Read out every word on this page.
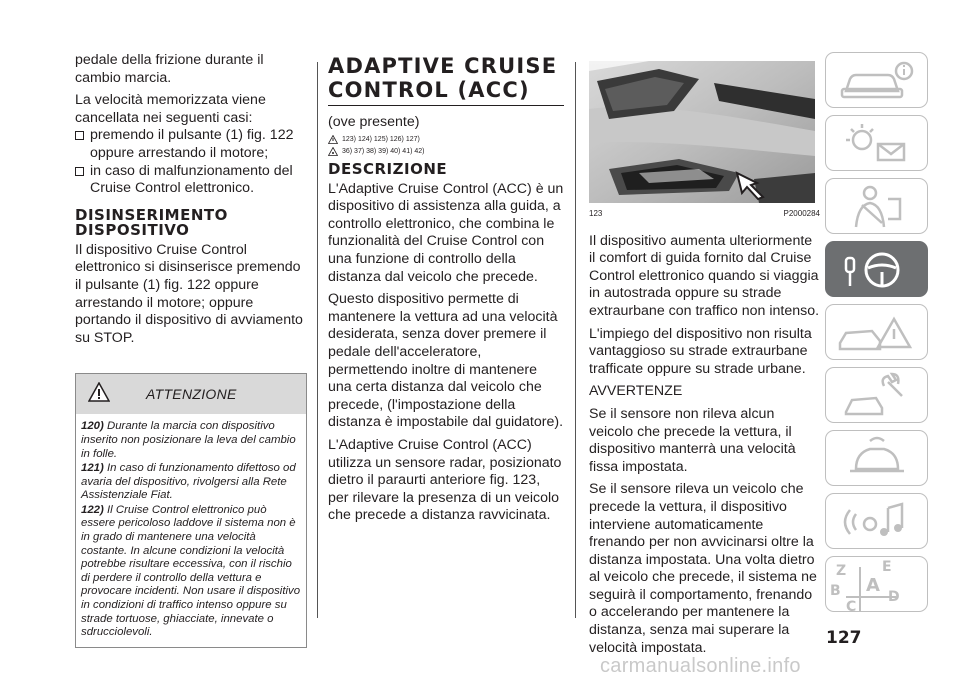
pedale della frizione durante il cambio marcia.

La velocità memorizzata viene cancellata nei seguenti casi:

premendo il pulsante (1) fig. 122 oppure arrestando il motore;
in caso di malfunzionamento del Cruise Control elettronico.
DISINSERIMENTO DISPOSITIVO

Il dispositivo Cruise Control elettronico si disinserisce premendo il pulsante (1) fig. 122 oppure arrestando il motore; oppure portando il dispositivo di avviamento su STOP.

ATTENZIONE

120) Durante la marcia con dispositivo inserito non posizionare la leva del cambio in folle.

121) In caso di funzionamento difettoso od avaria del dispositivo, rivolgersi alla Rete Assistenziale Fiat.

122) Il Cruise Control elettronico può essere pericoloso laddove il sistema non è in grado di mantenere una velocità costante. In alcune condizioni la velocità potrebbe risultare eccessiva, con il rischio di perdere il controllo della vettura e provocare incidenti. Non usare il dispositivo in condizioni di traffico intenso oppure su strade tortuose, ghiacciate, innevate o sdrucciolevoli.

ADAPTIVE CRUISE CONTROL (ACC)

(ove presente)

123) 124) 125) 126) 127)
36) 37) 38) 39) 40) 41) 42)
DESCRIZIONE

L'Adaptive Cruise Control (ACC) è un dispositivo di assistenza alla guida, a controllo elettronico, che combina le funzionalità del Cruise Control con una funzione di controllo della distanza dal veicolo che precede.

Questo dispositivo permette di mantenere la vettura ad una velocità desiderata, senza dover premere il pedale dell'acceleratore, permettendo inoltre di mantenere una certa distanza dal veicolo che precede, (l'impostazione della distanza è impostabile dal guidatore).

L'Adaptive Cruise Control (ACC) utilizza un sensore radar, posizionato dietro il paraurti anteriore fig. 123, per rilevare la presenza di un veicolo che precede a distanza ravvicinata.

123	P2000284

Il dispositivo aumenta ulteriormente il comfort di guida fornito dal Cruise Control elettronico quando si viaggia in autostrada oppure su strade extraurbane con traffico non intenso.

L'impiego del dispositivo non risulta vantaggioso su strade extraurbane trafficate oppure su strade urbane.

AVVERTENZE

Se il sensore non rileva alcun veicolo che precede la vettura, il dispositivo manterrà una velocità fissa impostata.

Se il sensore rileva un veicolo che precede la vettura, il dispositivo interviene automaticamente frenando per non avvicinarsi oltre la distanza impostata. Una volta dietro al veicolo che precede, il sistema ne seguirà il comportamento, frenando o accelerando per mantenere la distanza, senza mai superare la velocità impostata.

Z	E
B A
C
D
127
carmanualsonline.info
